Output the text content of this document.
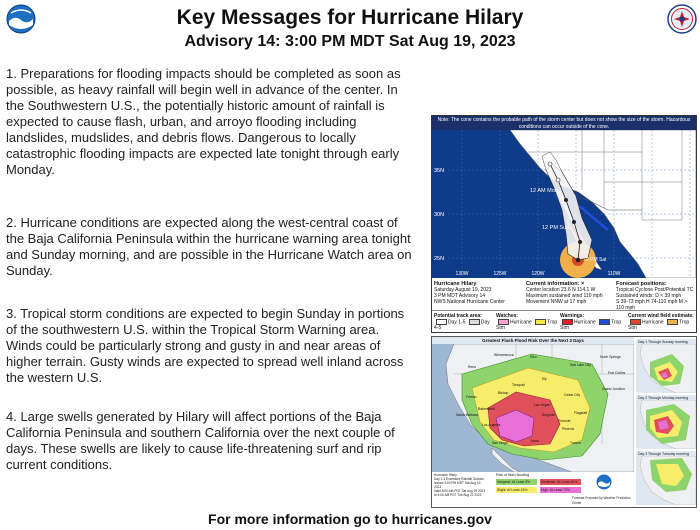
Key Messages for Hurricane Hilary
Advisory 14: 3:00 PM MDT Sat Aug 19, 2023
1. Preparations for flooding impacts should be completed as soon as possible, as heavy rainfall will begin well in advance of the center. In the Southwestern U.S., the potentially historic amount of rainfall is expected to cause flash, urban, and arroyo flooding including landslides, mudslides, and debris flows. Dangerous to locally catastrophic flooding impacts are expected late tonight through early Monday.
2. Hurricane conditions are expected along the west-central coast of the Baja California Peninsula within the hurricane warning area tonight and Sunday morning, and are possible in the Hurricane Watch area on Sunday.
3. Tropical storm conditions are expected to begin Sunday in portions of the southwestern U.S. within the Tropical Storm Warning area. Winds could be particularly strong and gusty in and near areas of higher terrain. Gusty winds are expected to spread well inland across the western U.S.
4. Large swells generated by Hilary will affect portions of the Baja California Peninsula and southern California over the next couple of days. These swells are likely to cause life-threatening surf and rip current conditions.
Note: The cone contains the probable path of the storm center but does not show the size of the storm. Hazardous conditions can occur outside of the cone.
35N
30N
25N
130W	125W	120W	110W	105W	100W
12 AM Mon
12 PM Sun
2 PM Sat
Hurricane Hilary
Saturday August 19, 2023
3 PM MDT Advisory 14
NWS National Hurricane Center
Current information: ×
Center location 23.6 N 114.1 W
Maximum sustained wind 110 mph
Movement NNW at 17 mph
Forecast positions:
Tropical Cyclone Post/Potential TC
Sustained winds: D < 39 mph
S 39-73 mph H 74-110 mph M > 110 mph
Potential track area:
Day 1-5	Day 4-5
Watches:
Hurricane	Trop Stm
Warnings:
Hurricane	Trop Stm
Current wind field estimate:
Hurricane	Trop Stm
Greatest Flash Flood Risk Over the Next 3 Days
Reno
Winnemucca	Elko
Salt Lake City
Ely
North Springs
Grand Junction
Cedar City
Tonopah
Las Vegas
Fresno
Bishop
Flagstaff
Los Angeles
San Diego
Phoenix
Yuma	Tucson
Santa Barbara
Bakersfield
Fort Collins
Kingman
Prescott
Hurricane Hilary
Day 1-3 Excessive Rainfall Outlook
Issued 3:00 PM MDT Sat Aug 19 2023
Valid 8:00 AM PDT Sat Aug 19 2023
to 4:00 AM PDT Tue Aug 22 2023
Risk of flash flooding
Marginal: At Least 5%
Slight: At Least 15%
Moderate: At Least 40%
High: At Least 70%
Forecast Prepared by Weather Prediction Center
Day 1 Through Sunday morning
Day 2 Through Monday morning
Day 3 Through Tuesday morning
For more information go to hurricanes.gov
